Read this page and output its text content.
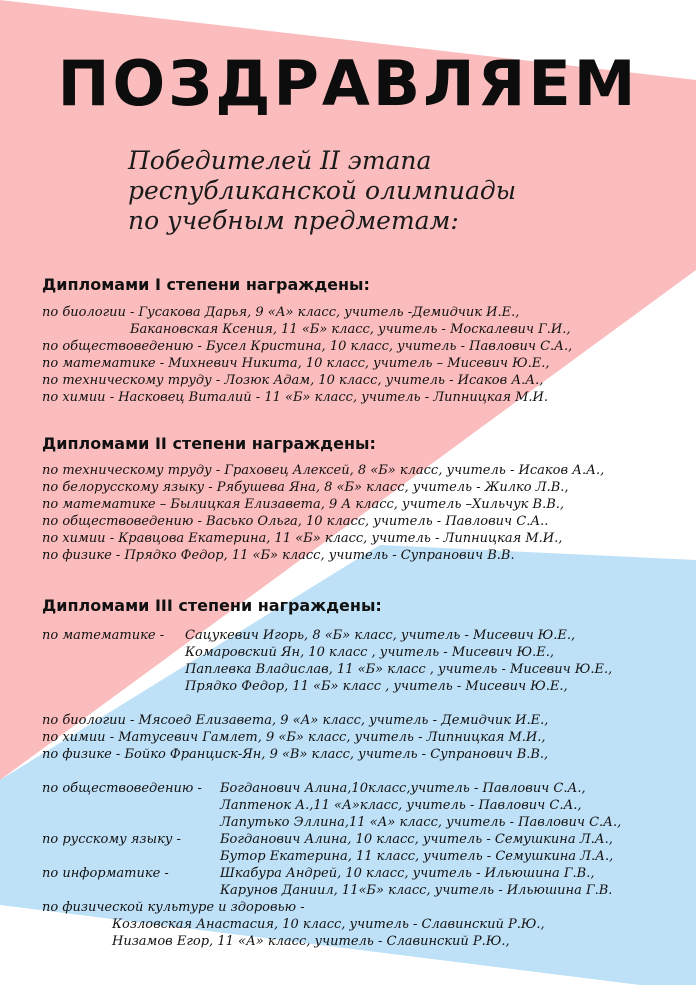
ПОЗДРАВЛЯЕМ
Победителей II этапа
республиканской олимпиады
по учебным предметам:
Дипломами I степени награждены:
по биологии - Гусакова Дарья, 9 «А» класс, учитель -Демидчик И.Е.,
Бакановская Ксения, 11 «Б» класс, учитель - Москалевич Г.И.,
по обществоведению - Бусел Кристина, 10 класс, учитель - Павлович С.А.,
по математике - Михневич Никита, 10 класс, учитель – Мисевич Ю.Е.,
по техническому труду - Лозюк Адам, 10 класс, учитель - Исаков А.А.,
по химии - Насковец Виталий - 11 «Б» класс, учитель - Липницкая М.И.
Дипломами II степени награждены:
по техническому труду - Граховец Алексей, 8 «Б» класс, учитель - Исаков А.А.,
по белорусскому языку - Рябушева Яна, 8 «Б» класс, учитель - Жилко Л.В.,
по математике – Былицкая Елизавета, 9 А класс, учитель –Хильчук В.В.,
по обществоведению - Васько Ольга, 10 класс, учитель - Павлович С.А..
по химии - Кравцова Екатерина, 11 «Б» класс, учитель - Липницкая М.И.,
по физике - Прядко Федор, 11 «Б» класс, учитель - Супранович В.В.
Дипломами III степени награждены:
по математике - Сацукевич Игорь, 8 «Б» класс, учитель - Мисевич Ю.Е.,
Комаровский Ян, 10 класс , учитель - Мисевич Ю.Е.,
Паплевка Владислав, 11 «Б» класс , учитель - Мисевич Ю.Е.,
Прядко Федор, 11 «Б» класс , учитель - Мисевич Ю.Е.,
по биологии - Мясоед Елизавета, 9 «А» класс, учитель - Демидчик И.Е.,
по химии - Матусевич Гамлет, 9 «Б» класс, учитель - Липницкая М.И.,
по физике - Бойко Франциск-Ян, 9 «В» класс, учитель - Супранович В.В.,
по обществоведению - Богданович Алина,10класс,учитель - Павлович С.А.,
Лаптенок А.,11 «А»класс, учитель - Павлович С.А.,
Лапутько Эллина,11 «А» класс, учитель - Павлович С.А.,
по русскому языку -	Богданович Алина, 10 класс, учитель - Семушкина Л.А.,
Бутор Екатерина, 11 класс, учитель - Семушкина Л.А.,
по информатике -	Шкабура Андрей, 10 класс, учитель - Ильюшина Г.В.,
Карунов Даниил, 11«Б» класс, учитель - Ильюшина Г.В.
по физической культуре и здоровью -
Козловская Анастасия, 10 класс, учитель - Славинский Р.Ю.,
Низамов Егор, 11 «А» класс, учитель - Славинский Р.Ю.,
